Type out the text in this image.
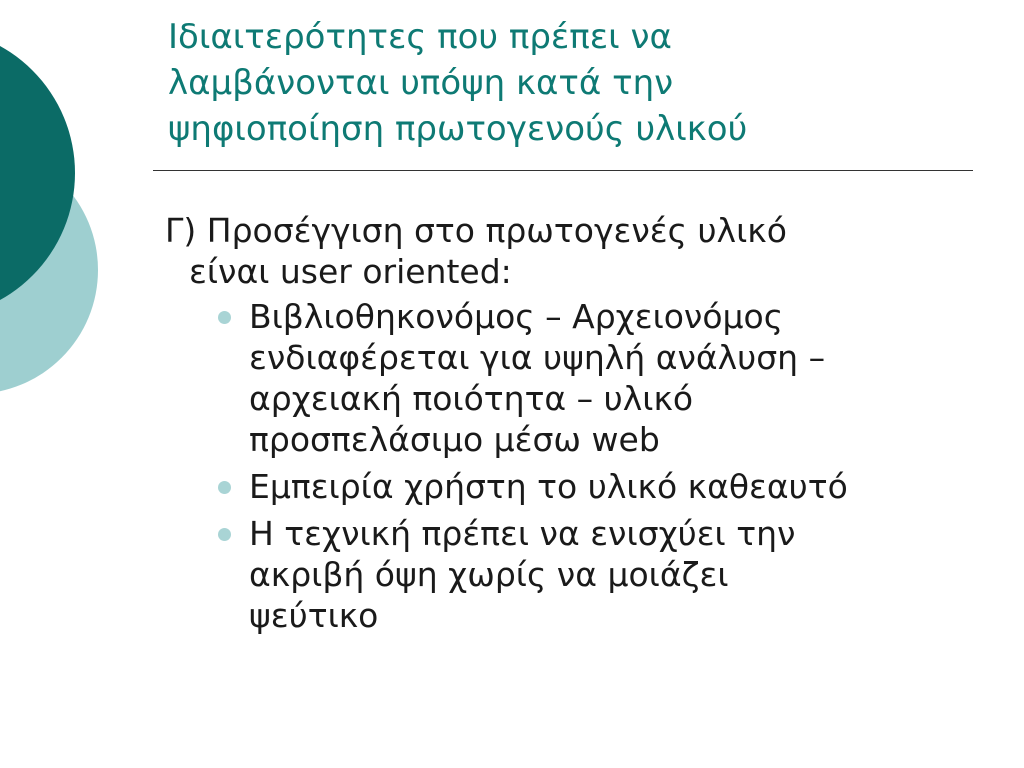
Ιδιαιτερότητες που πρέπει να
λαμβάνονται υπόψη κατά την
ψηφιοποίηση πρωτογενούς υλικού
Γ) Προσέγγιση στο πρωτογενές υλικό
είναι user oriented:
Βιβλιοθηκονόμος – Αρχειονόμος
ενδιαφέρεται για υψηλή ανάλυση –
αρχειακή ποιότητα – υλικό
προσπελάσιμο μέσω web
Εμπειρία χρήστη το υλικό καθεαυτό
Η τεχνική πρέπει να ενισχύει την
ακριβή όψη χωρίς να μοιάζει
ψεύτικο
